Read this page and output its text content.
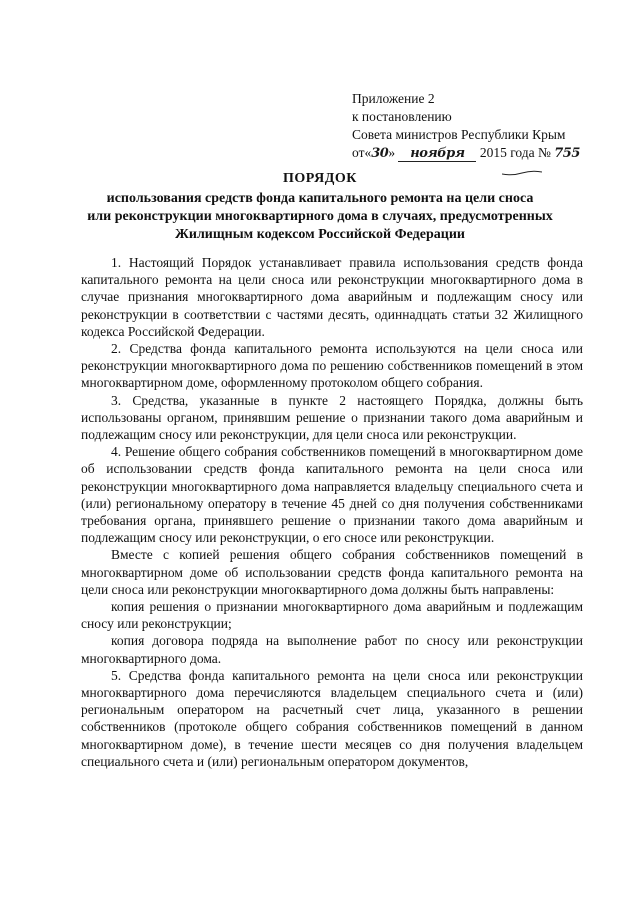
Приложение 2
к постановлению
Совета министров Республики Крым
от«30» ноября 2015 года № 755
ПОРЯДОК
использования средств фонда капитального ремонта на цели сноса
или реконструкции многоквартирного дома в случаях, предусмотренных
Жилищным кодексом Российской Федерации

1. Настоящий Порядок устанавливает правила использования средств фонда капитального ремонта на цели сноса или реконструкции многоквартирного дома в случае признания многоквартирного дома аварийным и подлежащим сносу или реконструкции в соответствии с частями десять, одиннадцать статьи 32 Жилищного кодекса Российской Федерации.

2. Средства фонда капитального ремонта используются на цели сноса или реконструкции многоквартирного дома по решению собственников помещений в этом многоквартирном доме, оформленному протоколом общего собрания.

3. Средства, указанные в пункте 2 настоящего Порядка, должны быть использованы органом, принявшим решение о признании такого дома аварийным и подлежащим сносу или реконструкции, для цели сноса или реконструкции.

4. Решение общего собрания собственников помещений в многоквартирном доме об использовании средств фонда капитального ремонта на цели сноса или реконструкции многоквартирного дома направляется владельцу специального счета и (или) региональному оператору в течение 45 дней со дня получения собственниками требования органа, принявшего решение о признании такого дома аварийным и подлежащим сносу или реконструкции, о его сносе или реконструкции.

Вместе с копией решения общего собрания собственников помещений в многоквартирном доме об использовании средств фонда капитального ремонта на цели сноса или реконструкции многоквартирного дома должны быть направлены:

копия решения о признании многоквартирного дома аварийным и подлежащим сносу или реконструкции;

копия договора подряда на выполнение работ по сносу или реконструкции многоквартирного дома.

5. Средства фонда капитального ремонта на цели сноса или реконструкции многоквартирного дома перечисляются владельцем специального счета и (или) региональным оператором на расчетный счет лица, указанного в решении собственников (протоколе общего собрания собственников помещений в данном многоквартирном доме), в течение шести месяцев со дня получения владельцем специального счета и (или) региональным оператором документов,
